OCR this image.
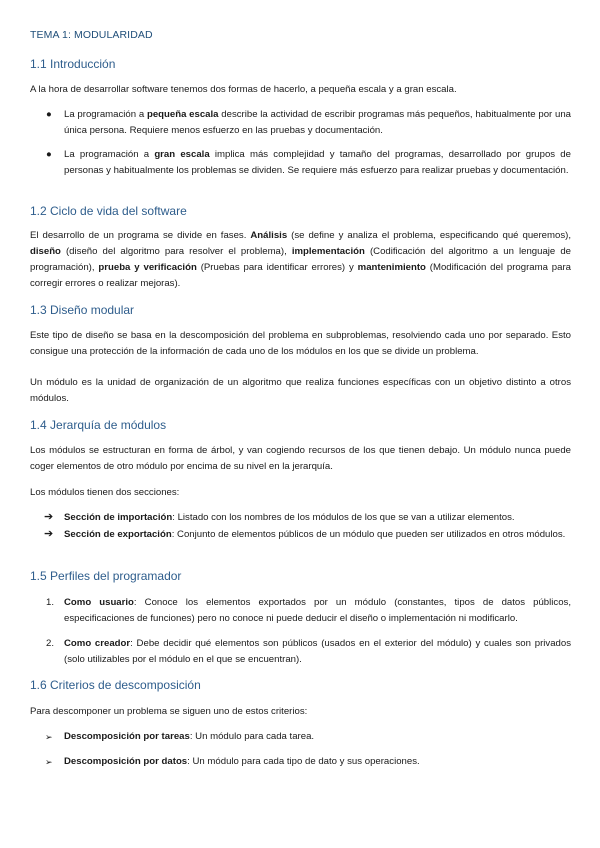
TEMA 1: MODULARIDAD
1.1 Introducción
A la hora de desarrollar software tenemos dos formas de hacerlo, a pequeña escala y a gran escala.
● La programación a pequeña escala describe la actividad de escribir programas más pequeños, habitualmente por una única persona. Requiere menos esfuerzo en las pruebas y documentación.
● La programación a gran escala implica más complejidad y tamaño del programas, desarrollado por grupos de personas y habitualmente los problemas se dividen. Se requiere más esfuerzo para realizar pruebas y documentación.
1.2 Ciclo de vida del software
El desarrollo de un programa se divide en fases. Análisis (se define y analiza el problema, especificando qué queremos), diseño (diseño del algoritmo para resolver el problema), implementación (Codificación del algoritmo a un lenguaje de programación), prueba y verificación (Pruebas para identificar errores) y mantenimiento (Modificación del programa para corregir errores o realizar mejoras).
1.3 Diseño modular
Este tipo de diseño se basa en la descomposición del problema en subproblemas, resolviendo cada uno por separado. Esto consigue una protección de la información de cada uno de los módulos en los que se divide un problema.
Un módulo es la unidad de organización de un algoritmo que realiza funciones específicas con un objetivo distinto a otros módulos.
1.4 Jerarquía de módulos
Los módulos se estructuran en forma de árbol, y van cogiendo recursos de los que tienen debajo. Un módulo nunca puede coger elementos de otro módulo por encima de su nivel en la jerarquía.
Los módulos tienen dos secciones:
➔ Sección de importación: Listado con los nombres de los módulos de los que se van a utilizar elementos.
➔ Sección de exportación: Conjunto de elementos públicos de un módulo que pueden ser utilizados en otros módulos.
1.5 Perfiles del programador
1. Como usuario: Conoce los elementos exportados por un módulo (constantes, tipos de datos públicos, especificaciones de funciones) pero no conoce ni puede deducir el diseño o implementación ni modificarlo.
2. Como creador: Debe decidir qué elementos son públicos (usados en el exterior del módulo) y cuales son privados (solo utilizables por el módulo en el que se encuentran).
1.6 Criterios de descomposición
Para descomponer un problema se siguen uno de estos criterios:
➢ Descomposición por tareas: Un módulo para cada tarea.
➢ Descomposición por datos: Un módulo para cada tipo de dato y sus operaciones.
